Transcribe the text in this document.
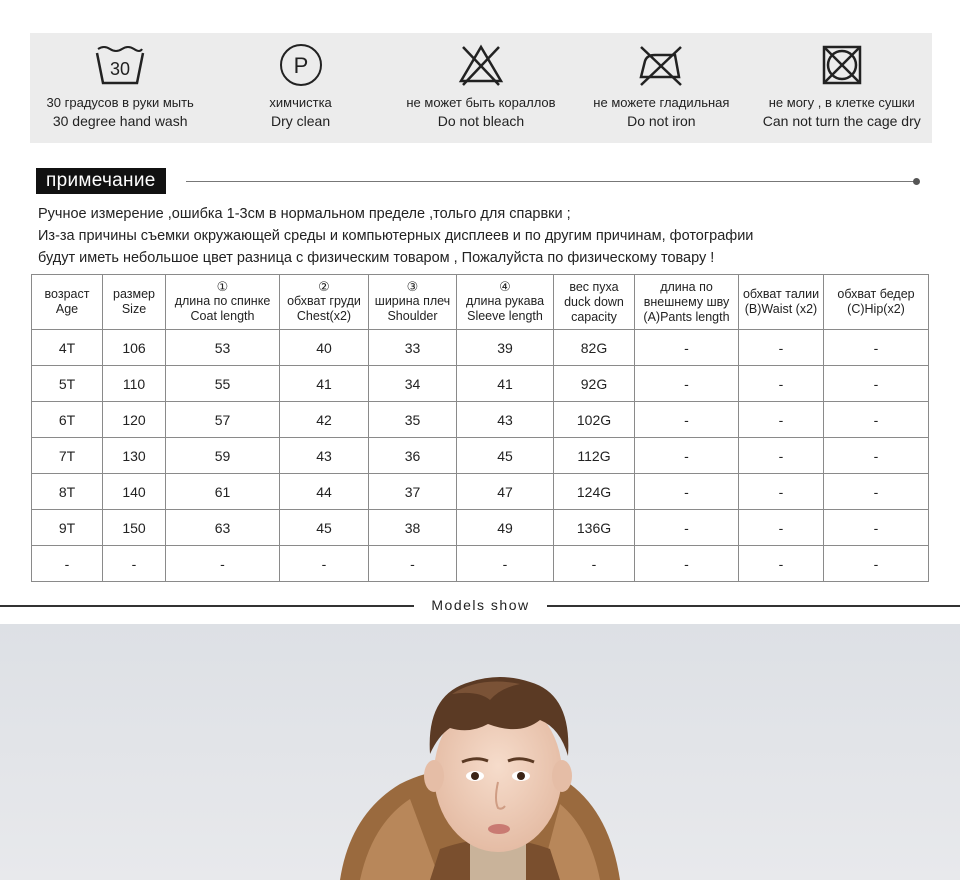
30
30 градусов в руки мыть
30 degree hand wash
P
химчистка
Dry clean
не может быть кораллов
Do not bleach
не можете гладильная
Do not iron
не могу , в клетке сушки
Can not turn the cage dry
примечание
Ручное измерение ,ошибка 1-3см в нормальном пределе ,тольго для спарвки ;
Из-за причины съемки окружающей среды и компьютерных дисплеев и по другим причинам, фотографии
будут иметь небольшое цвет разница с физическим товаром , Пожалуйста по физическому товару !
возраст
Age	размер
Size	①
длина по спинке
Coat length	②
обхват груди
Chest(x2)	③
ширина плеч
Shoulder	④
длина рукава
Sleeve length	вес пуха
duck down
capacity	длина по
внешнему шву
(A)Pants length	обхват талии
(B)Waist (x2)	обхват бедер
(C)Hip(x2)

4T	106	53	40	33	39	82G	-	-	-
5T	110	55	41	34	41	92G	-	-	-
6T	120	57	42	35	43	102G	-	-	-
7T	130	59	43	36	45	112G	-	-	-
8T	140	61	44	37	47	124G	-	-	-
9T	150	63	45	38	49	136G	-	-	-
-	-	-	-	-	-	-	-	-	-
Models show
